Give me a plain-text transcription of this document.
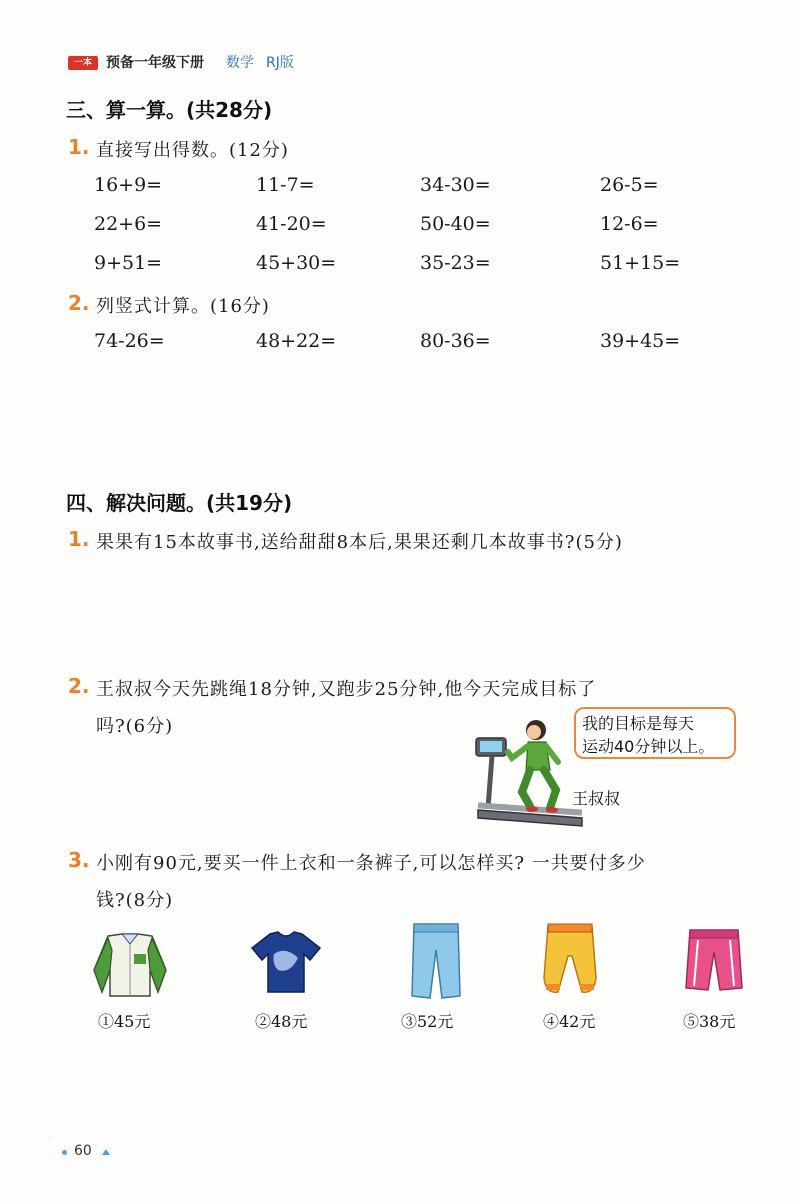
一本	预备一年级下册 数学 RJ版
三、算一算。(共28分)
1. 直接写出得数。(12分)
16+9=	11-7=	34-30=	26-5=
22+6=	41-20=	50-40=	12-6=
9+51=	45+30=	35-23=	51+15=
2. 列竖式计算。(16分)
74-26=	48+22=	80-36=	39+45=
四、解决问题。(共19分)
1. 果果有15本故事书,送给甜甜8本后,果果还剩几本故事书?(5分)
2. 王叔叔今天先跳绳18分钟,又跑步25分钟,他今天完成目标了
吗?(6分)	我的目标是每天
运动40分钟以上。
王叔叔
3. 小刚有90元,要买一件上衣和一条裤子,可以怎样买? 一共要付多少
钱?(8分)
①45元	②48元	③52元	④42元	⑤38元
60
